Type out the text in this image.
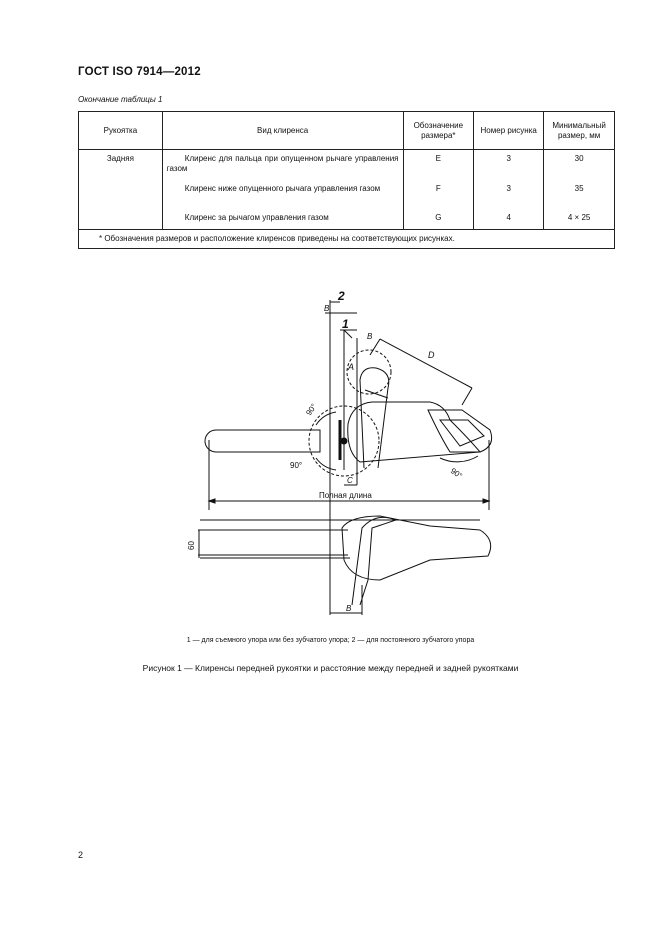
ГОСТ ISO 7914—2012
Окончание таблицы 1
Рукоятка	Вид клиренса	Обозначение размера*	Номер рисунка	Минимальный размер, мм
Задняя	Клиренс для пальца при опущенном рычаге управления газом	E	3	30

	Клиренс ниже опущенного рычага управления газом	F	3	35

	Клиренс за рычагом управления газом	G	4	4 × 25
* Обозначения размеров и расположение клиренсов приведены на соответствующих рисунках.				
2
B
1
B
A
D
90°
90°
90°
C
Полная длина
60
B
1 — для съемного упора или без зубчатого упора; 2 — для постоянного зубчатого упора
Рисунок 1 — Клиренсы передней рукоятки и расстояние между передней и задней рукоятками
2
